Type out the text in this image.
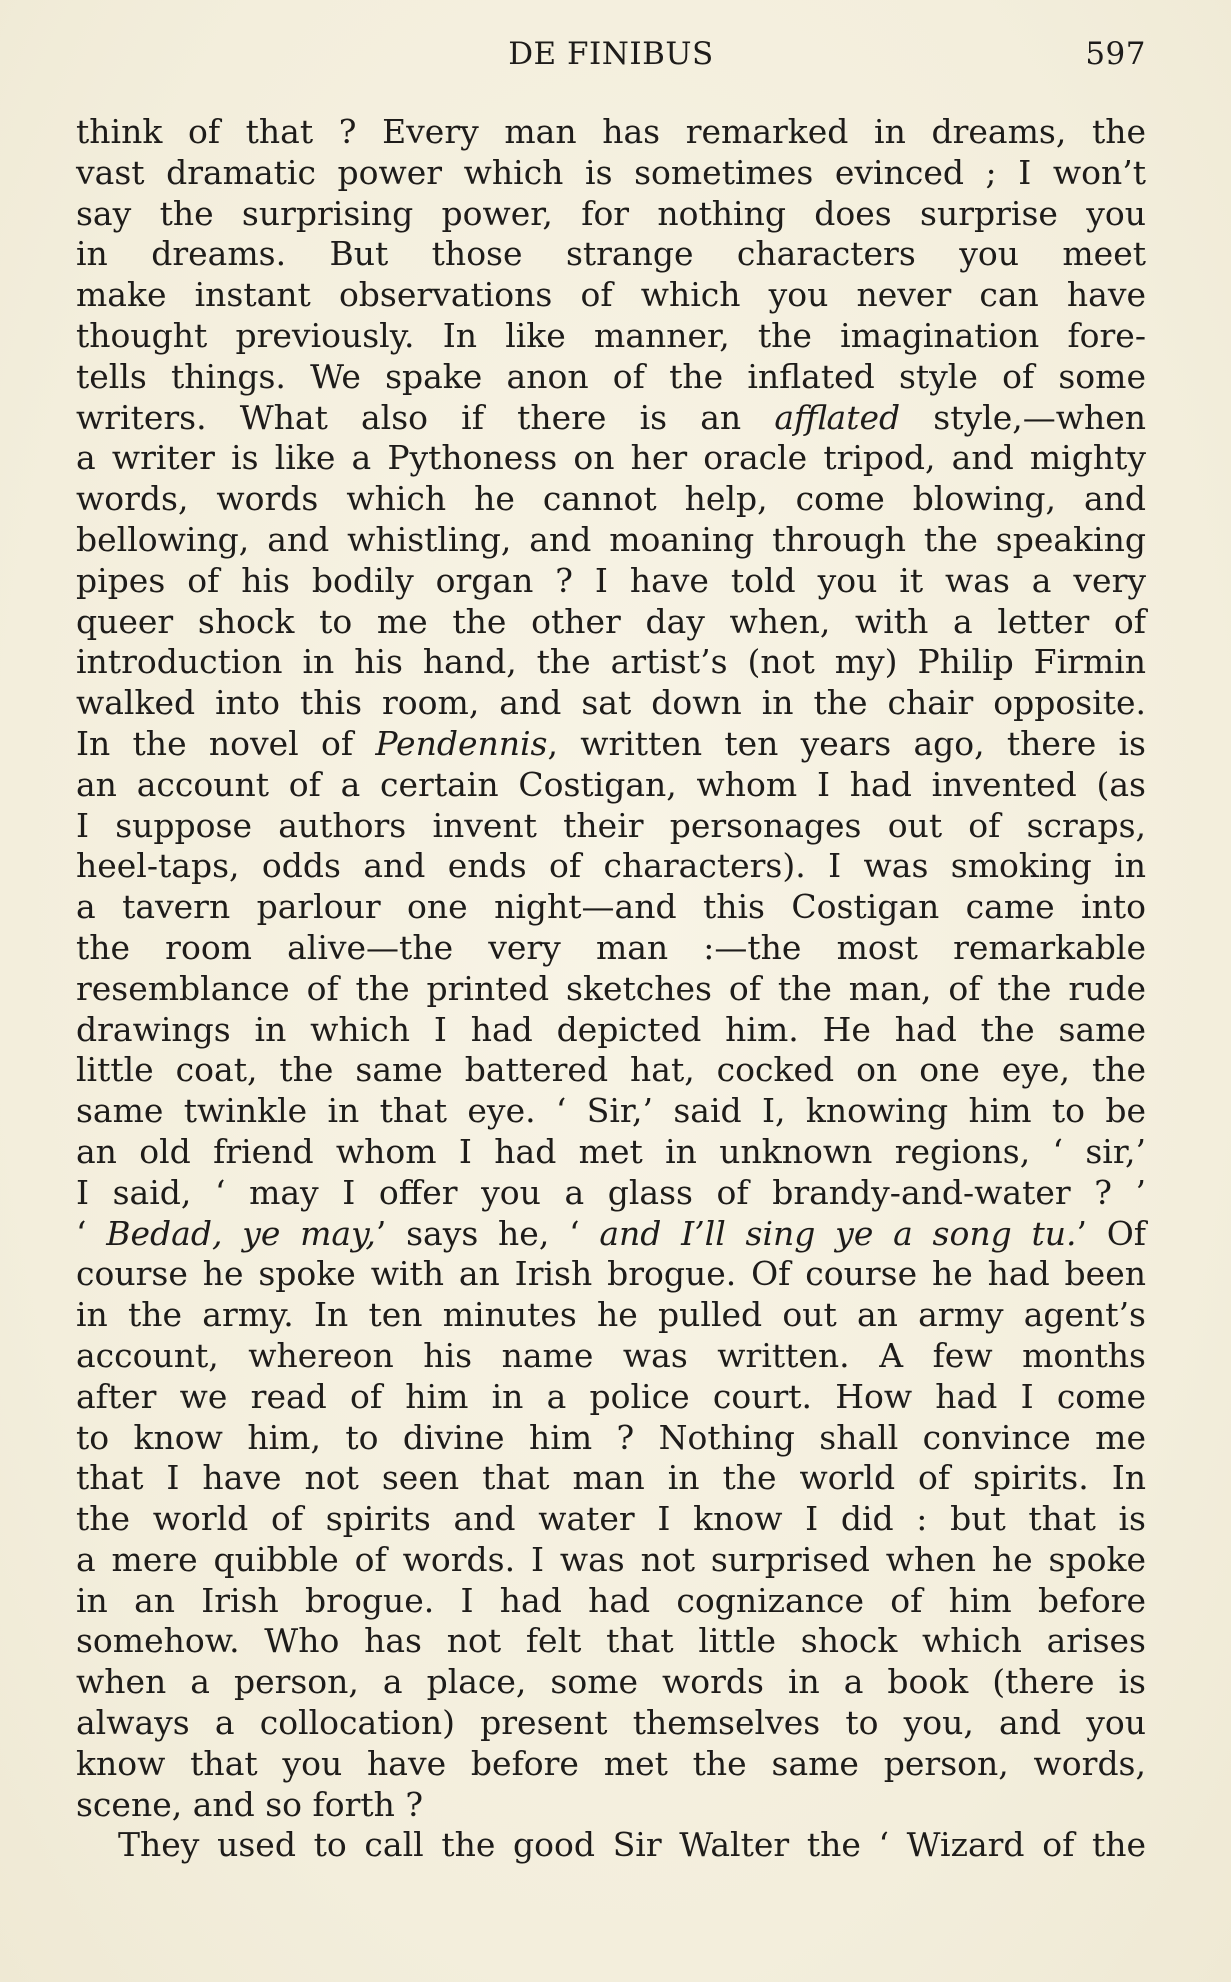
DE FINIBUS	597
think of that ? Every man has remarked in dreams, the
vast dramatic power which is sometimes evinced ; I won’t
say the surprising power, for nothing does surprise you
in dreams. But those strange characters you meet
make instant observations of which you never can have
thought previously. In like manner, the imagination fore-
tells things. We spake anon of the inflated style of some
writers. What also if there is an afflated style,—when
a writer is like a Pythoness on her oracle tripod, and mighty
words, words which he cannot help, come blowing, and
bellowing, and whistling, and moaning through the speaking
pipes of his bodily organ ? I have told you it was a very
queer shock to me the other day when, with a letter of
introduction in his hand, the artist’s (not my) Philip Firmin
walked into this room, and sat down in the chair opposite.
In the novel of Pendennis, written ten years ago, there is
an account of a certain Costigan, whom I had invented (as
I suppose authors invent their personages out of scraps,
heel-taps, odds and ends of characters). I was smoking in
a tavern parlour one night—and this Costigan came into
the room alive—the very man :—the most remarkable
resemblance of the printed sketches of the man, of the rude
drawings in which I had depicted him. He had the same
little coat, the same battered hat, cocked on one eye, the
same twinkle in that eye. ‘ Sir,’ said I, knowing him to be
an old friend whom I had met in unknown regions, ‘ sir,’
I said, ‘ may I offer you a glass of brandy-and-water ? ’
‘ Bedad, ye may,’ says he, ‘ and I’ll sing ye a song tu.’ Of
course he spoke with an Irish brogue. Of course he had been
in the army. In ten minutes he pulled out an army agent’s
account, whereon his name was written. A few months
after we read of him in a police court. How had I come
to know him, to divine him ? Nothing shall convince me
that I have not seen that man in the world of spirits. In
the world of spirits and water I know I did : but that is
a mere quibble of words. I was not surprised when he spoke
in an Irish brogue. I had had cognizance of him before
somehow. Who has not felt that little shock which arises
when a person, a place, some words in a book (there is
always a collocation) present themselves to you, and you
know that you have before met the same person, words,
scene, and so forth ?
They used to call the good Sir Walter the ‘ Wizard of the
